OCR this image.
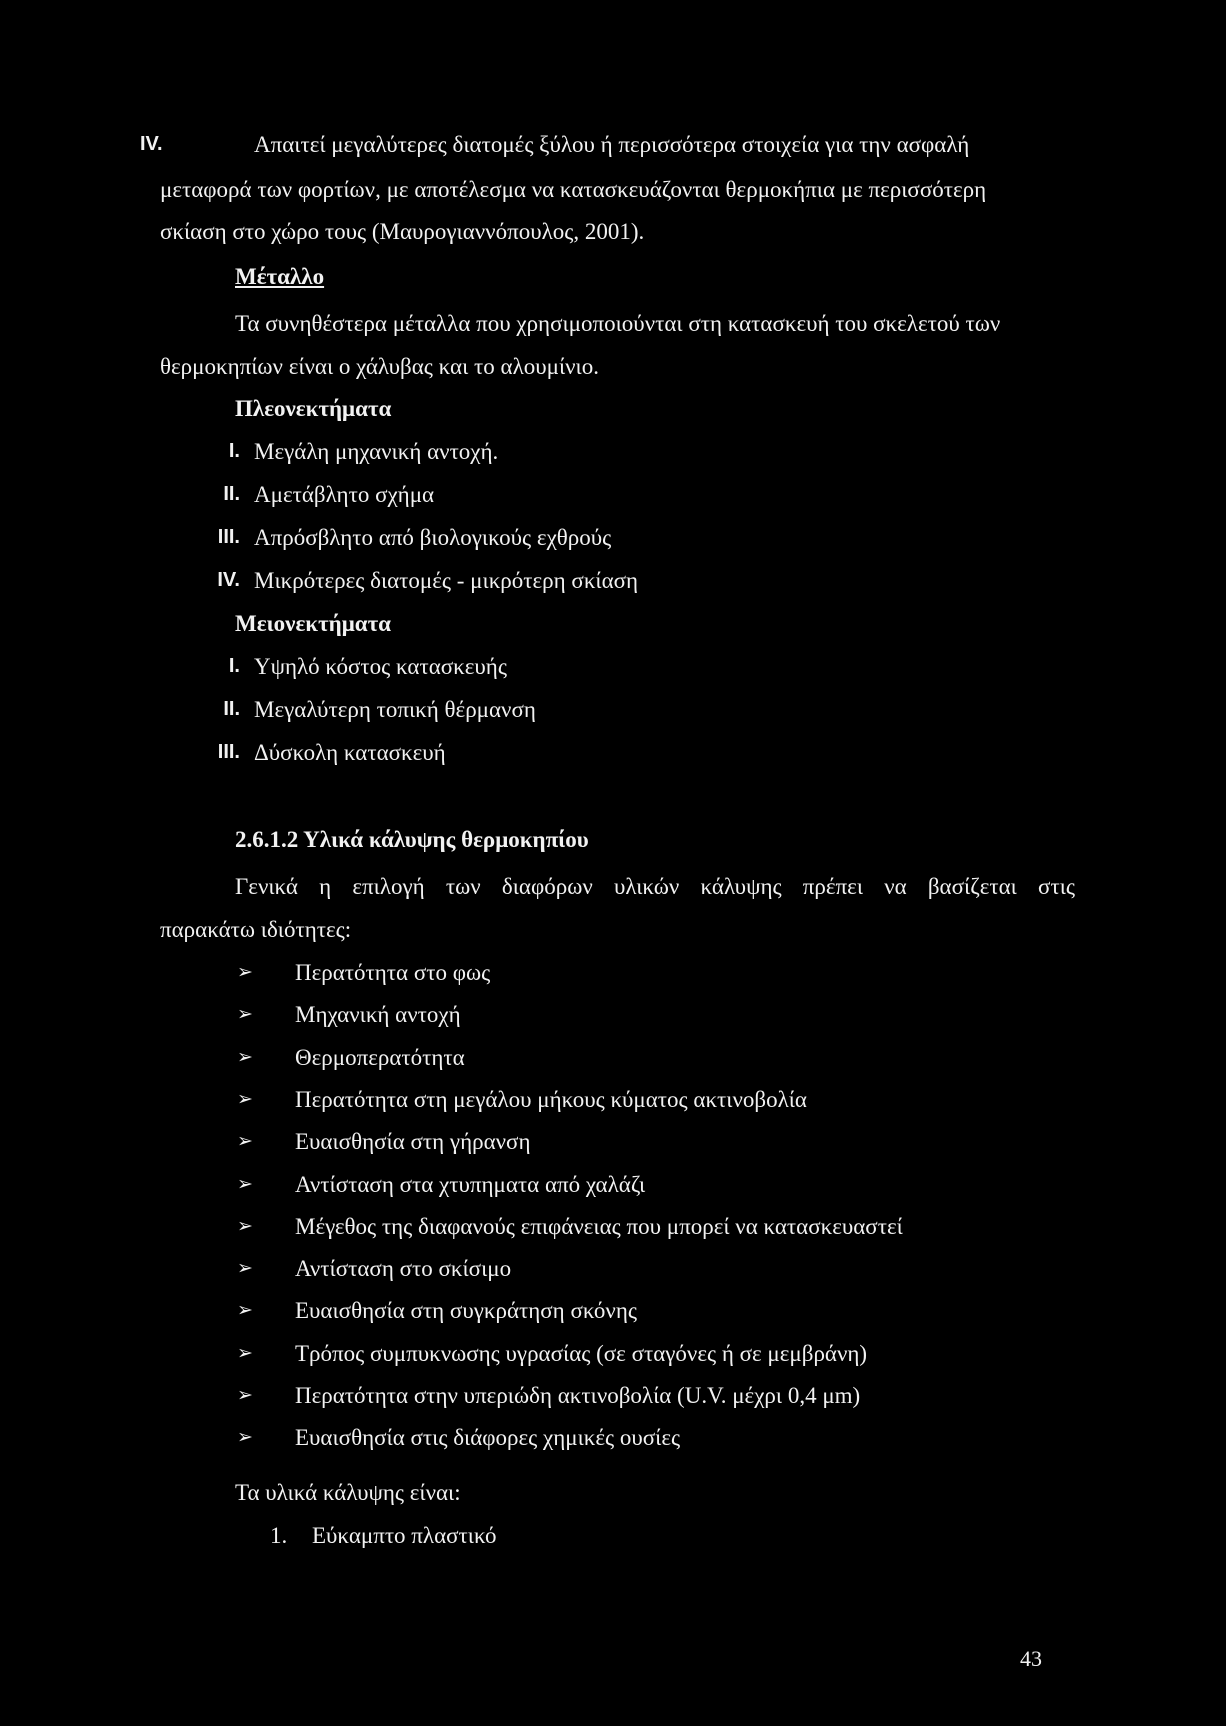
IV.	Απαιτεί μεγαλύτερες διατομές ξύλου ή περισσότερα στοιχεία για την ασφαλή
μεταφορά των φορτίων, με αποτέλεσμα να κατασκευάζονται θερμοκήπια με περισσότερη
σκίαση στο χώρο τους (Μαυρογιαννόπουλος, 2001).
Μέταλλο
Τα συνηθέστερα μέταλλα που χρησιμοποιούνται στη κατασκευή του σκελετού των
θερμοκηπίων είναι ο χάλυβας και το αλουμίνιο.
Πλεονεκτήματα
I. Μεγάλη μηχανική αντοχή.
II. Αμετάβλητο σχήμα
III. Απρόσβλητο από βιολογικούς εχθρούς
IV. Μικρότερες διατομές - μικρότερη σκίαση
Μειονεκτήματα
I. Υψηλό κόστος κατασκευής
II. Μεγαλύτερη τοπική θέρμανση
III. Δύσκολη κατασκευή
2.6.1.2 Υλικά κάλυψης θερμοκηπίου
Γενικά η επιλογή των διαφόρων υλικών κάλυψης πρέπει να βασίζεται στις
παρακάτω ιδιότητες:
➢ Περατότητα στο φως
➢ Μηχανική αντοχή
➢ Θερμοπερατότητα
➢ Περατότητα στη μεγάλου μήκους κύματος ακτινοβολία
➢ Ευαισθησία στη γήρανση
➢ Αντίσταση στα χτυπηματα από χαλάζι
➢ Μέγεθος της διαφανούς επιφάνειας που μπορεί να κατασκευαστεί
➢ Αντίσταση στο σκίσιμο
➢ Ευαισθησία στη συγκράτηση σκόνης
➢ Τρόπος συμπυκνωσης υγρασίας (σε σταγόνες ή σε μεμβράνη)
➢ Περατότητα στην υπεριώδη ακτινοβολία (U.V. μέχρι 0,4 μm)
➢ Ευαισθησία στις διάφορες χημικές ουσίες
Τα υλικά κάλυψης είναι:
1. Εύκαμπτο πλαστικό
43
